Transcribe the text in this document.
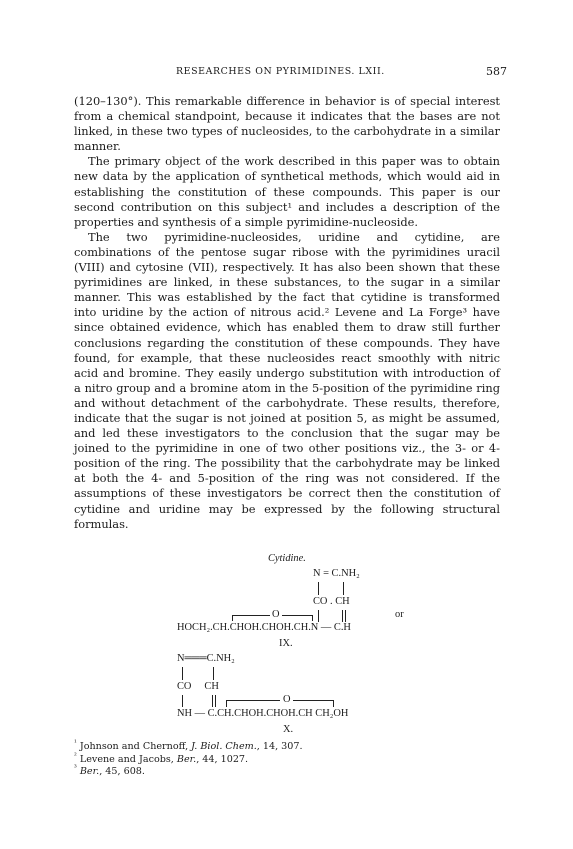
RESEARCHES ON PYRIMIDINES. LXII.	587

(120–130°). This remarkable difference in behavior is of special interest from a chemical standpoint, because it indicates that the bases are not linked, in these two types of nucleosides, to the carbohydrate in a similar manner.

The primary object of the work described in this paper was to obtain new data by the application of synthetical methods, which would aid in establishing the constitution of these compounds. This paper is our second contribution on this subject¹ and includes a description of the properties and synthesis of a simple pyrimidine-nucleoside.

The two pyrimidine-nucleosides, uridine and cytidine, are combinations of the pentose sugar ribose with the pyrimidines uracil (VIII) and cytosine (VII), respectively. It has also been shown that these pyrimidines are linked, in these substances, to the sugar in a similar manner. This was established by the fact that cytidine is transformed into uridine by the action of nitrous acid.² Levene and La Forge³ have since obtained evidence, which has enabled them to draw still further conclusions regarding the constitution of these compounds. They have found, for example, that these nucleosides react smoothly with nitric acid and bromine. They easily undergo substitution with introduction of a nitro group and a bromine atom in the 5-position of the pyrimidine ring and without detachment of the carbohydrate. These results, therefore, indicate that the sugar is not joined at position 5, as might be assumed, and led these investigators to the conclusion that the sugar may be joined to the pyrimidine in one of two other positions viz., the 3- or 4-position of the ring. The possibility that the carbohydrate may be linked at both the 4- and 5-position of the ring was not considered. If the assumptions of these investigators be correct then the constitution of cytidine and uridine may be expressed by the following structural formulas.

Cytidine.
N = C.NH₂
CO . CH
O	or
HOCH₂.CH.CHOH.CHOH.CH.N — C.H
IX.
N═══C.NH₂
CO     CH
O
NH — C.CH.CHOH.CHOH.CH CH₂OH
X.
$^{^1}$ Johnson and Chernoff, J. Biol. Chem., 14, 307.
$^{^2}$ Levene and Jacobs, Ber., 44, 1027.
$^{^3}$ Ber., 45, 608.
